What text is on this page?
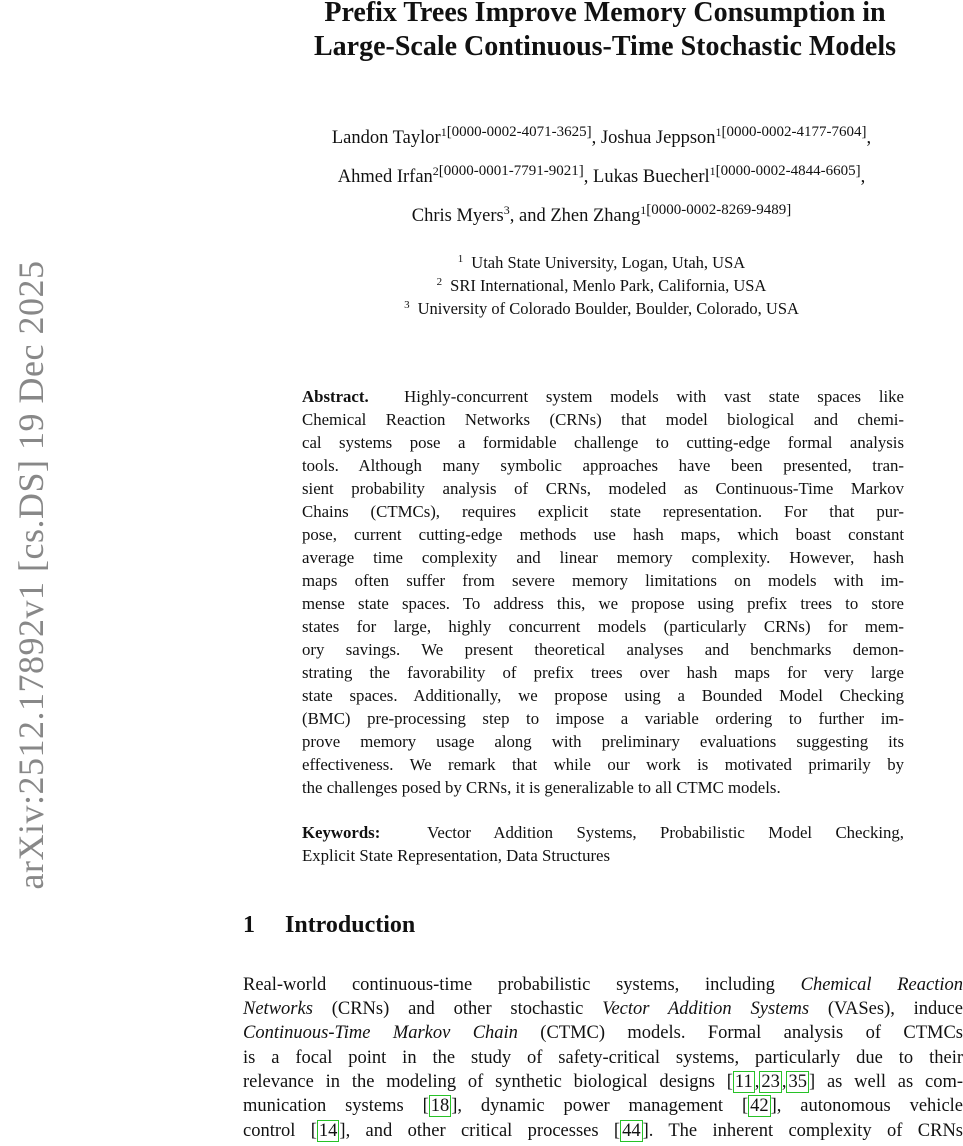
arXiv:2512.17892v1 [cs.DS] 19 Dec 2025
Prefix Trees Improve Memory Consumption in
Large-Scale Continuous-Time Stochastic Models
Landon Taylor$^{1[0000-0002-4071-3625]}$, Joshua Jeppson$^{1[0000-0002-4177-7604]}$,
Ahmed Irfan$^{2[0000-0001-7791-9021]}$, Lukas Buecherl$^{1[0000-0002-4844-6605]}$,
Chris Myers$^3$, and Zhen Zhang$^{1[0000-0002-8269-9489]}$
$^1$ Utah State University, Logan, Utah, USA
$^2$ SRI International, Menlo Park, California, USA
$^3$ University of Colorado Boulder, Boulder, Colorado, USA
Abstract. Highly-concurrent system models with vast state spaces like
Chemical Reaction Networks (CRNs) that model biological and chemi-
cal systems pose a formidable challenge to cutting-edge formal analysis
tools. Although many symbolic approaches have been presented, tran-
sient probability analysis of CRNs, modeled as Continuous-Time Markov
Chains (CTMCs), requires explicit state representation. For that pur-
pose, current cutting-edge methods use hash maps, which boast constant
average time complexity and linear memory complexity. However, hash
maps often suffer from severe memory limitations on models with im-
mense state spaces. To address this, we propose using prefix trees to store
states for large, highly concurrent models (particularly CRNs) for mem-
ory savings. We present theoretical analyses and benchmarks demon-
strating the favorability of prefix trees over hash maps for very large
state spaces. Additionally, we propose using a Bounded Model Checking
(BMC) pre-processing step to impose a variable ordering to further im-
prove memory usage along with preliminary evaluations suggesting its
effectiveness. We remark that while our work is motivated primarily by
the challenges posed by CRNs, it is generalizable to all CTMC models.
Keywords:	Vector Addition Systems, Probabilistic Model Checking,
Explicit State Representation, Data Structures
1 Introduction
Real-world continuous-time probabilistic systems, including Chemical Reaction
Networks (CRNs) and other stochastic Vector Addition Systems (VASes), induce
Continuous-Time Markov Chain (CTMC) models. Formal analysis of CTMCs
is a focal point in the study of safety-critical systems, particularly due to their
relevance in the modeling of synthetic biological designs [ 11 , 23 , 35 ] as well as com-
munication systems [ 18 ], dynamic power management [ 42 ], autonomous vehicle
control [ 14 ], and other critical processes [ 44 ]. The inherent complexity of CRNs
